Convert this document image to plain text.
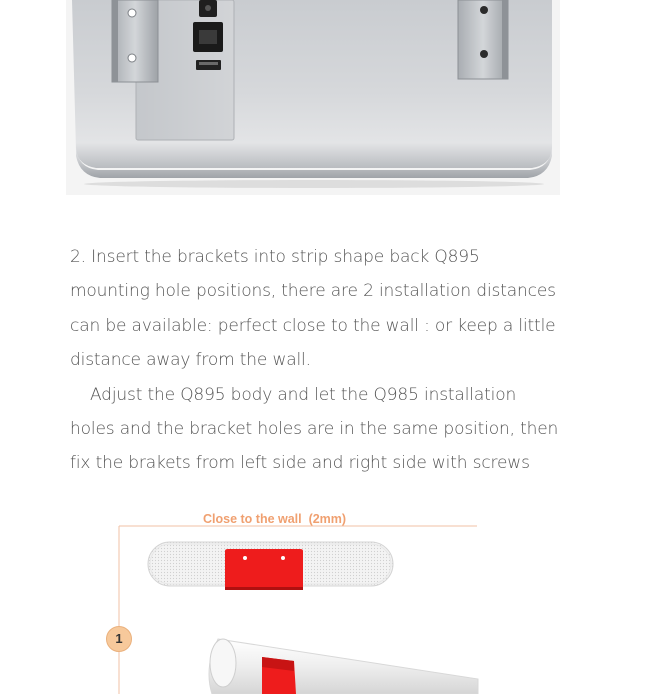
2. Insert the brackets into strip shape back Q895 mounting hole positions, there are 2 installation distances can be available: perfect close to the wall : or keep a little distance away from the wall.

Adjust the Q895 body and let the Q985 installation holes and the bracket holes are in the same position, then fix the brakets from left side and right side with screws

Close to the wall  (2mm)
1
